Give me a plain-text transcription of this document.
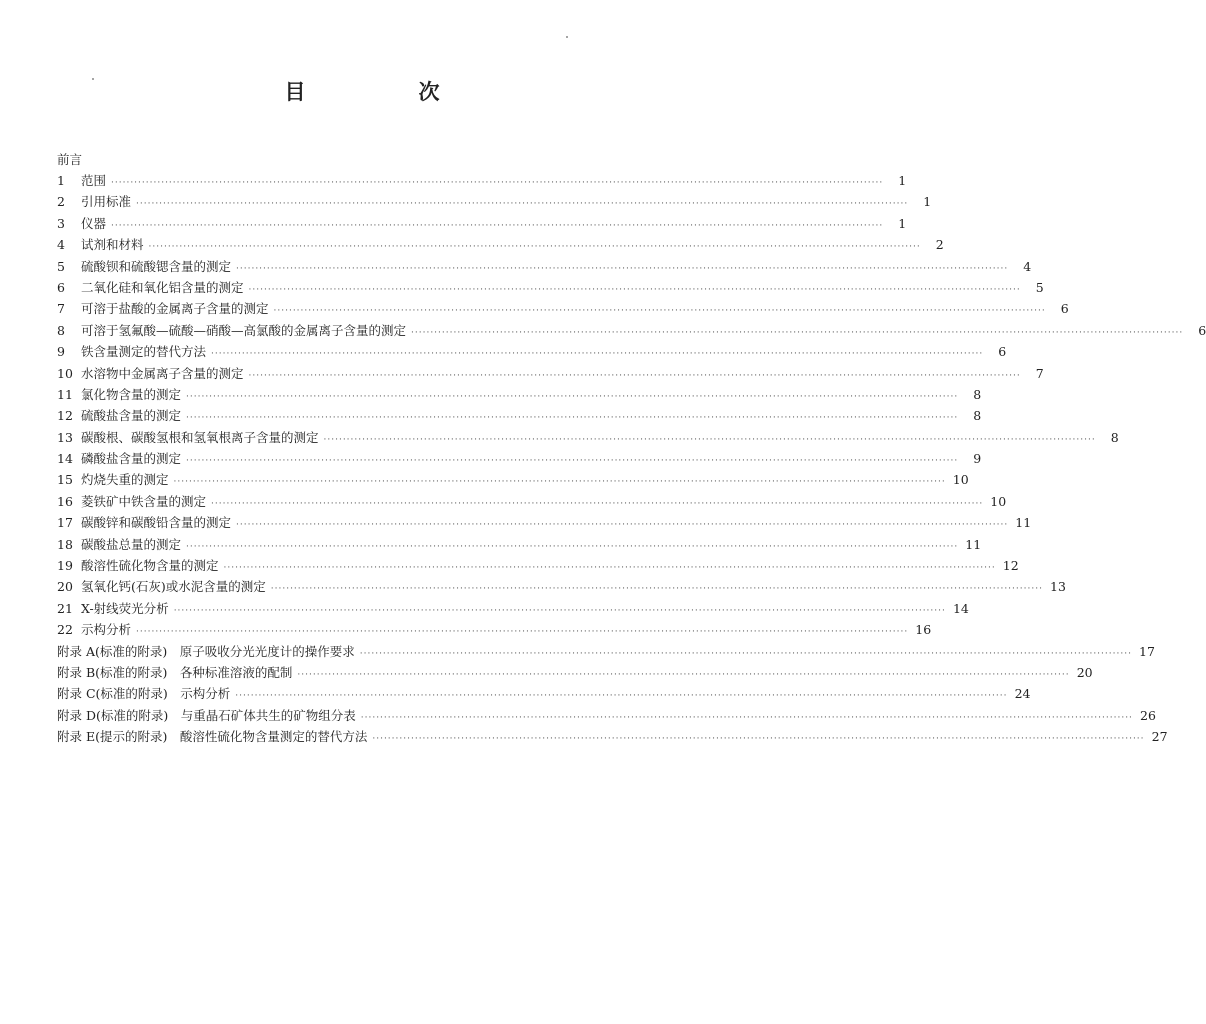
目　次
前言
1	范围 ········································································································································································································	1
2	引用标准 ········································································································································································································	1
3	仪器 ········································································································································································································	1
4	试剂和材料 ········································································································································································································	2
5	硫酸钡和硫酸锶含量的测定 ········································································································································································································	4
6	二氧化硅和氧化铝含量的测定 ········································································································································································································	5
7	可溶于盐酸的金属离子含量的测定 ········································································································································································································	6
8	可溶于氢氟酸—硫酸—硝酸—高氯酸的金属离子含量的测定 ········································································································································································································	6
9	铁含量测定的替代方法 ········································································································································································································	6
10 水溶物中金属离子含量的测定 ········································································································································································································	7
11 氯化物含量的测定 ········································································································································································································	8
12 硫酸盐含量的测定 ········································································································································································································	8
13 碳酸根、碳酸氢根和氢氧根离子含量的测定 ········································································································································································································	8
14 磷酸盐含量的测定 ········································································································································································································	9
15 灼烧失重的测定 ········································································································································································································ 10
16 菱铁矿中铁含量的测定 ········································································································································································································ 10
17 碳酸锌和碳酸铅含量的测定 ········································································································································································································ 11
18 碳酸盐总量的测定 ········································································································································································································ 11
19 酸溶性硫化物含量的测定 ········································································································································································································ 12
20 氢氧化钙(石灰)或水泥含量的测定 ········································································································································································································ 13
21 X-射线荧光分析 ········································································································································································································ 14
22 示构分析 ········································································································································································································ 16
附录 A(标准的附录)　原子吸收分光光度计的操作要求 ········································································································································································································ 17
附录 B(标准的附录)　各种标准溶液的配制 ········································································································································································································ 20
附录 C(标准的附录)　示构分析 ········································································································································································································ 24
附录 D(标准的附录)　与重晶石矿体共生的矿物组分表 ········································································································································································································ 26
附录 E(提示的附录)　酸溶性硫化物含量测定的替代方法 ········································································································································································································ 27
